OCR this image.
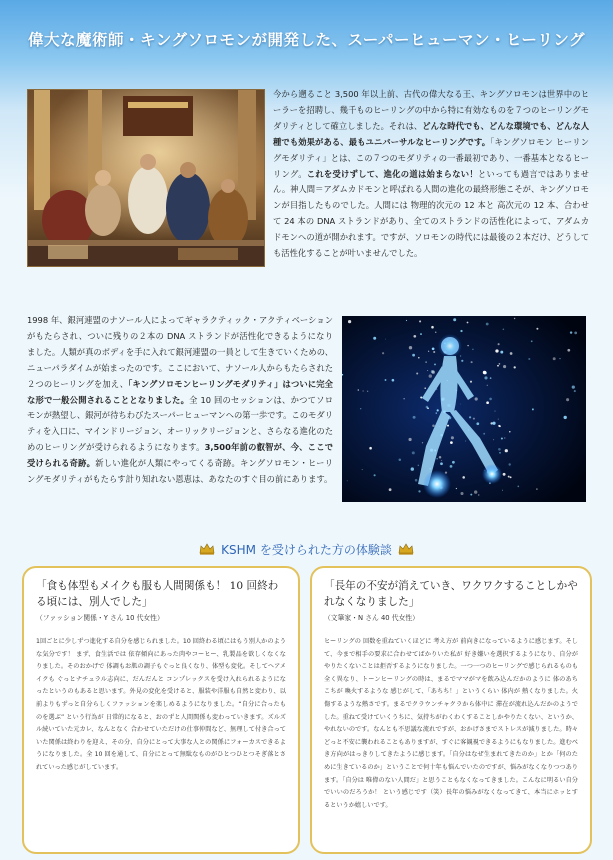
偉大な魔術師・キングソロモンが開発した、スーパーヒューマン・ヒーリング
今から遡ること 3,500 年以上前、古代の偉大なる王、キングソロモンは世界中のヒーラーを招聘し、幾千ものヒーリングの中から特に有効なものを７つのヒーリングモダリティとして確立しました。それは、どんな時代でも、どんな環境でも、どんな人種でも効果がある、最もユニバーサルなヒーリングです。「キングソロモン ヒーリングモダリティ」とは、この７つのモダリティの一番最初であり、一番基本となるヒーリング。これを受けずして、進化の道は始まらない！といっても過言ではありません。神人間＝アダムカドモンと呼ばれる人間の進化の最終形態こそが、キングソロモンが目指したものでした。人間には 物理的次元の 12 本と 高次元の 12 本、合わせて 24 本の DNA ストランドがあり、全てのストランドの活性化によって、アダムカドモンへの道が開かれます。ですが、ソロモンの時代には最後の２本だけ、どうしても活性化することが叶いませんでした。
1998 年、銀河連盟のナソール人によってギャラクティック・アクティベーションがもたらされ、ついに残りの２本の DNA ストランドが活性化できるようになりました。人類が真のボディを手に入れて銀河連盟の一員として生きていくための、ニューパラダイムが始まったのです。ここにおいて、ナソール人からもたらされた２つのヒーリングを加え、「キングソロモンヒーリングモダリティ」はついに完全な形で一般公開されることとなりました。全 10 回のセッションは、かつてソロモンが熱望し、銀河が待ちわびたスーパーヒューマンへの第一歩です。このモダリティを入口に、マインドリージョン、オーリックリージョンと、さらなる進化のためのヒーリングが受けられるようになります。3,500年前の叡智が、今、ここで受けられる奇跡。新しい進化が人類にやってくる奇跡。キングソロモン・ヒーリングモダリティがもたらす計り知れない恩恵は、あなたのすぐ目の前にあります。
KSHM を受けられた方の体験談
「食も体型もメイクも服も人間関係も！ 10 回終わる頃には、別人でした」
（ファッション関係・Y さん 10 代女性）
1回ごとに少しずつ進化する自分を感じられました。10 回終わる頃にはもう別人かのような気分です！ まず、食生活では 依存傾向にあった肉やコーヒー、乳製品を欲しくなくなりました。そのおかげで 体調もお肌の調子もぐっと良くなり、体型も変化。そしてヘアメイクも ぐっとナチュラル志向に、だんだんと コンプレックスを受け入れられるようになったというのもあると思います。外見の変化を受けると、服装や洋服も自然と変わり、以前よりもずっと自分らしくファッションを楽しめるようになりました。“自分に合ったものを選ぶ” という行為が 日常的になると、おのずと人間関係も変わっていきます。ズルズル続いていた元カレ、なんとなく 合わせていただけの仕事仲間など、無理して付き合っていた関係は終わりを迎え、その分、自分にとって大事な人との関係にフォーカスできるようになりました。全 10 回を通して、自分にとって無駄なものがひとつひとつそぎ落とされていった感じがしています。
「長年の不安が消えていき、ワクワクすることしかやれなくなりました」
（文筆家・N さん 40 代女性）
ヒーリングの 回数を重ねていくほどに 考え方が 前向きになっているように感じます。そして、今まで相手の要求に合わせてばかりいた私が 好き嫌いを選択するようになり、自分がやりたくないことは拒否するようになりました。一つ一つのヒーリングで感じられるものも全く異なり、トーンヒーリングの時は、まるでママがマを飲み込んだかのように 体のあちこちが 喚火するような 感じがして、「あちち！」というくらい 体内が 熱くなりました。火傷するような熱さです。まるでクラウンチャクラから体中に 滞在が流れ込んだかのようでした。重ねて受けていくうちに、気持ちがわくわくすることしかやりたくない、というか、やれないのです。なんとも不思議な流れですが、おかげさまでストレスが減りました。時々どっと不安に襲われることもありますが、すぐに客観視できるようにもなりました。進むべき方向がはっきりしてきたように感じます。「自分はなぜ生まれてきたのか」とか「何のために生きているのか」ということで何十年も悩んでいたのですが、悩みがなくなりつつあります。「自分は 唯偉のない人間だ」と思うこともなくなってきました。こんなに明るい自分でいいのだろうか！ という感じです（笑）長年の悩みがなくなってきて、本当にホッとするというか嬉しいです。
